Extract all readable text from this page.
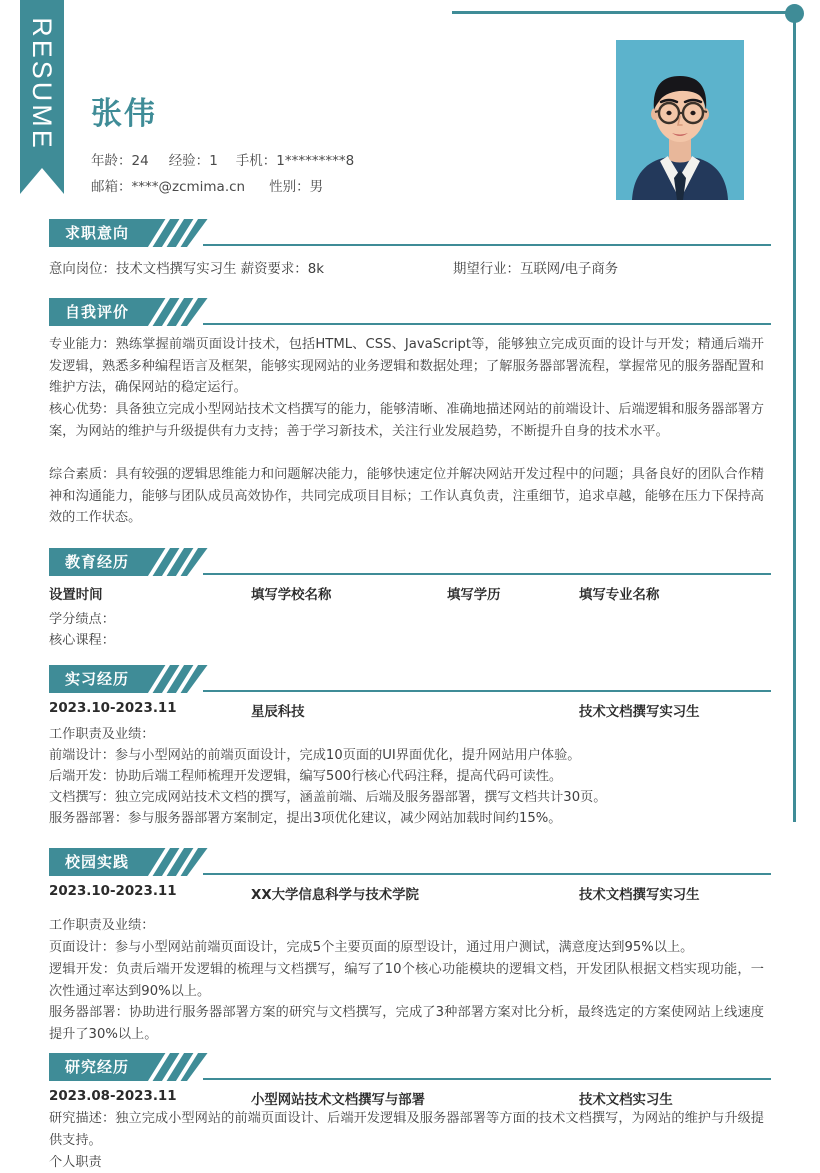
RESUME 张伟
年龄：24 经验：1 手机：1*********8
邮箱：****@zcmima.cn 性别：男
求职意向
意向岗位：技术文档撰写实习生 薪资要求：8k	期望行业：互联网/电子商务
自我评价
专业能力：熟练掌握前端页面设计技术，包括HTML、CSS、JavaScript等，能够独立完成页面的设计与开发；精通后端开发逻辑，熟悉多种编程语言及框架，能够实现网站的业务逻辑和数据处理；了解服务器部署流程，掌握常见的服务器配置和维护方法，确保网站的稳定运行。
核心优势：具备独立完成小型网站技术文档撰写的能力，能够清晰、准确地描述网站的前端设计、后端逻辑和服务器部署方案，为网站的维护与升级提供有力支持；善于学习新技术，关注行业发展趋势，不断提升自身的技术水平。
综合素质：具有较强的逻辑思维能力和问题解决能力，能够快速定位并解决网站开发过程中的问题；具备良好的团队合作精神和沟通能力，能够与团队成员高效协作，共同完成项目目标；工作认真负责，注重细节，追求卓越，能够在压力下保持高效的工作状态。
教育经历
设置时间	填写学校名称	填写学历	填写专业名称
学分绩点：
核心课程：
实习经历
2023.10-2023.11	星辰科技	技术文档撰写实习生
工作职责及业绩：
前端设计：参与小型网站的前端页面设计，完成10页面的UI界面优化，提升网站用户体验。
后端开发：协助后端工程师梳理开发逻辑，编写500行核心代码注释，提高代码可读性。
文档撰写：独立完成网站技术文档的撰写，涵盖前端、后端及服务器部署，撰写文档共计30页。
服务器部署：参与服务器部署方案制定，提出3项优化建议，减少网站加载时间约15%。
校园实践
2023.10-2023.11	XX大学信息科学与技术学院	技术文档撰写实习生
工作职责及业绩：
页面设计：参与小型网站前端页面设计，完成5个主要页面的原型设计，通过用户测试，满意度达到95%以上。
逻辑开发：负责后端开发逻辑的梳理与文档撰写，编写了10个核心功能模块的逻辑文档，开发团队根据文档实现功能，一次性通过率达到90%以上。
服务器部署：协助进行服务器部署方案的研究与文档撰写，完成了3种部署方案对比分析，最终选定的方案使网站上线速度提升了30%以上。
研究经历
2023.08-2023.11	小型网站技术文档撰写与部署	技术文档实习生
研究描述：独立完成小型网站的前端页面设计、后端开发逻辑及服务器部署等方面的技术文档撰写，为网站的维护与升级提供支持。
个人职责
